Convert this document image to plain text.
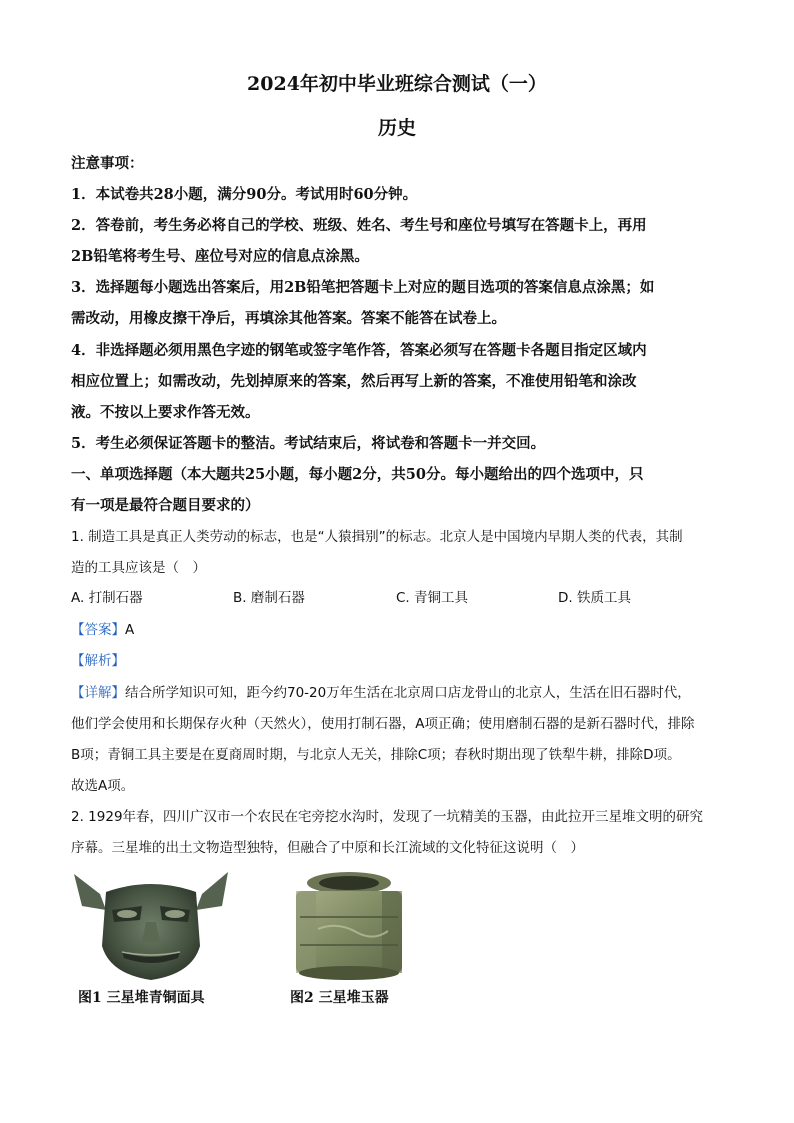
2024年初中毕业班综合测试（一）
历史
注意事项：
1．本试卷共28小题，满分90分。考试用时60分钟。
2．答卷前，考生务必将自己的学校、班级、姓名、考生号和座位号填写在答题卡上，再用
2B铅笔将考生号、座位号对应的信息点涂黑。
3．选择题每小题选出答案后，用2B铅笔把答题卡上对应的题目选项的答案信息点涂黑；如
需改动，用橡皮擦干净后，再填涂其他答案。答案不能答在试卷上。
4．非选择题必须用黑色字迹的钢笔或签字笔作答，答案必须写在答题卡各题目指定区域内
相应位置上；如需改动，先划掉原来的答案，然后再写上新的答案，不准使用铅笔和涂改
液。不按以上要求作答无效。
5．考生必须保证答题卡的整洁。考试结束后，将试卷和答题卡一并交回。
一、单项选择题（本大题共25小题，每小题2分，共50分。每小题给出的四个选项中，只
有一项是最符合题目要求的）
1. 制造工具是真正人类劳动的标志，也是“人猿揖别”的标志。北京人是中国境内早期人类的代表，其制
造的工具应该是（　）
A. 打制石器	B. 磨制石器	C. 青铜工具	D. 铁质工具
【答案】A
【解析】
【详解】结合所学知识可知，距今约70-20万年生活在北京周口店龙骨山的北京人，生活在旧石器时代，
他们学会使用和长期保存火种（天然火），使用打制石器，A项正确；使用磨制石器的是新石器时代，排除
B项；青铜工具主要是在夏商周时期，与北京人无关，排除C项；春秋时期出现了铁犁牛耕，排除D项。
故选A项。
2. 1929年春，四川广汉市一个农民在宅旁挖水沟时，发现了一坑精美的玉器，由此拉开三星堆文明的研究
序幕。三星堆的出土文物造型独特，但融合了中原和长江流域的文化特征这说明（　）
图1 三星堆青铜面具	图2 三星堆玉器
